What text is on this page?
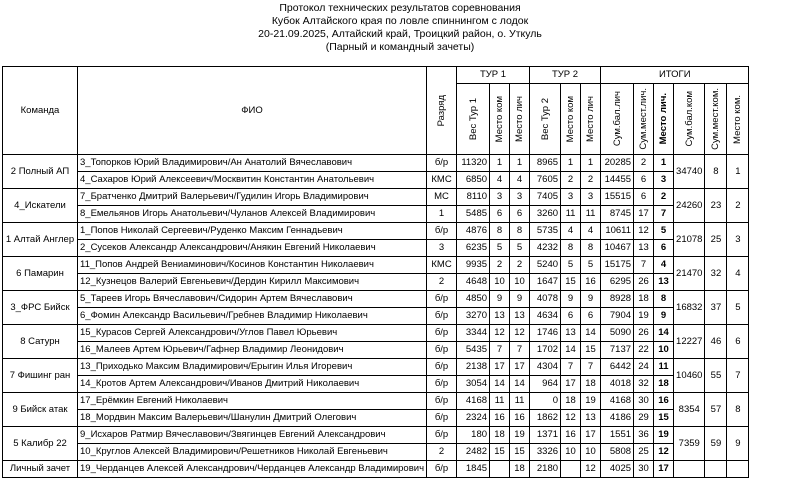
Протокол технических результатов соревнования
Кубок Алтайского края по ловле спиннингом с лодок
20-21.09.2025, Алтайский край, Троицкий район, о. Уткуль
(Парный и командный зачеты)
Команда	ФИО	Разряд	ТУР 1			ТУР 2			ИТОГИ					

			Вес Тур 1	Место ком	Место лич	Вес Тур 2	Место ком	Место лич	Сум.бал.лич	Сум.мест.лич.	Место лич.	Сум.бал.ком	Сум.мест.ком.	Место ком.

2 Полный АП	3_Топорков Юрий Владимирович/Ан Анатолий Вячеславович	б/р	11320	1	1	8965	1	1	20285	2	1	34740	8	1
	4_Сахаров Юрий Алексеевич/Москвитин Константин Анатольевич	КМС	6850	4	4	7605	2	2	14455	6	3			
4_Искатели	7_Братченко Дмитрий Валерьевич/Гудилин Игорь Владимирович	МС	8110	3	3	7405	3	3	15515	6	2	24260	23	2
	8_Емельянов Игорь Анатольевич/Чуланов Алексей Владимирович	1	5485	6	6	3260	11	11	8745	17	7			
1 Алтай Англер	1_Попов Николай Сергеевич/Руденко Максим Геннадьевич	б/р	4876	8	8	5735	4	4	10611	12	5	21078	25	3
	2_Сусеков Александр Александрович/Анякин Евгений Николаевич	3	6235	5	5	4232	8	8	10467	13	6			
6 Памарин	11_Попов Андрей Вениаминович/Косинов Константин Николаевич	КМС	9935	2	2	5240	5	5	15175	7	4	21470	32	4
	12_Кузнецов Валерий Евгеньевич/Дердин Кирилл Максимович	2	4648	10	10	1647	15	16	6295	26	13			
3_ФРС Бийск	5_Тареев Игорь Вячеславович/Сидорин Артем Вячеславович	б/р	4850	9	9	4078	9	9	8928	18	8	16832	37	5
	6_Фомин Александр Васильевич/Гребнев Владимир Николаевич	б/р	3270	13	13	4634	6	6	7904	19	9			
8 Сатурн	15_Курасов Сергей Александрович/Углов Павел Юрьевич	б/р	3344	12	12	1746	13	14	5090	26	14	12227	46	6
	16_Малеев Артем Юрьевич/Гафнер Владимир Леонидович	б/р	5435	7	7	1702	14	15	7137	22	10			
7 Фишинг ран	13_Приходько Максим Владимирович/Ерыгин Илья Игоревич	б/р	2138	17	17	4304	7	7	6442	24	11	10460	55	7
	14_Кротов Артем Александрович/Иванов Дмитрий Николаевич	б/р	3054	14	14	964	17	18	4018	32	18			
9 Бийск атак	17_Ерёмкин Евгений Николаевич	б/р	4168	11	11	0	18	19	4168	30	16	8354	57	8
	18_Мордвин Максим Валерьевич/Шанулин Дмитрий Олегович	б/р	2324	16	16	1862	12	13	4186	29	15			
5 Калибр 22	9_Исхаров Ратмир Вячеславович/Звягинцев Евгений Александрович	б/р	180	18	19	1371	16	17	1551	36	19	7359	59	9
	10_Круглов Алексей Владимирович/Решетников Николай Евгеньевич	2	2482	15	15	3326	10	10	5808	25	12			
Личный зачет	19_Черданцев Алексей Александрович/Черданцев Александр Владимирович	б/р	1845		18	2180		12	4025	30	17			
